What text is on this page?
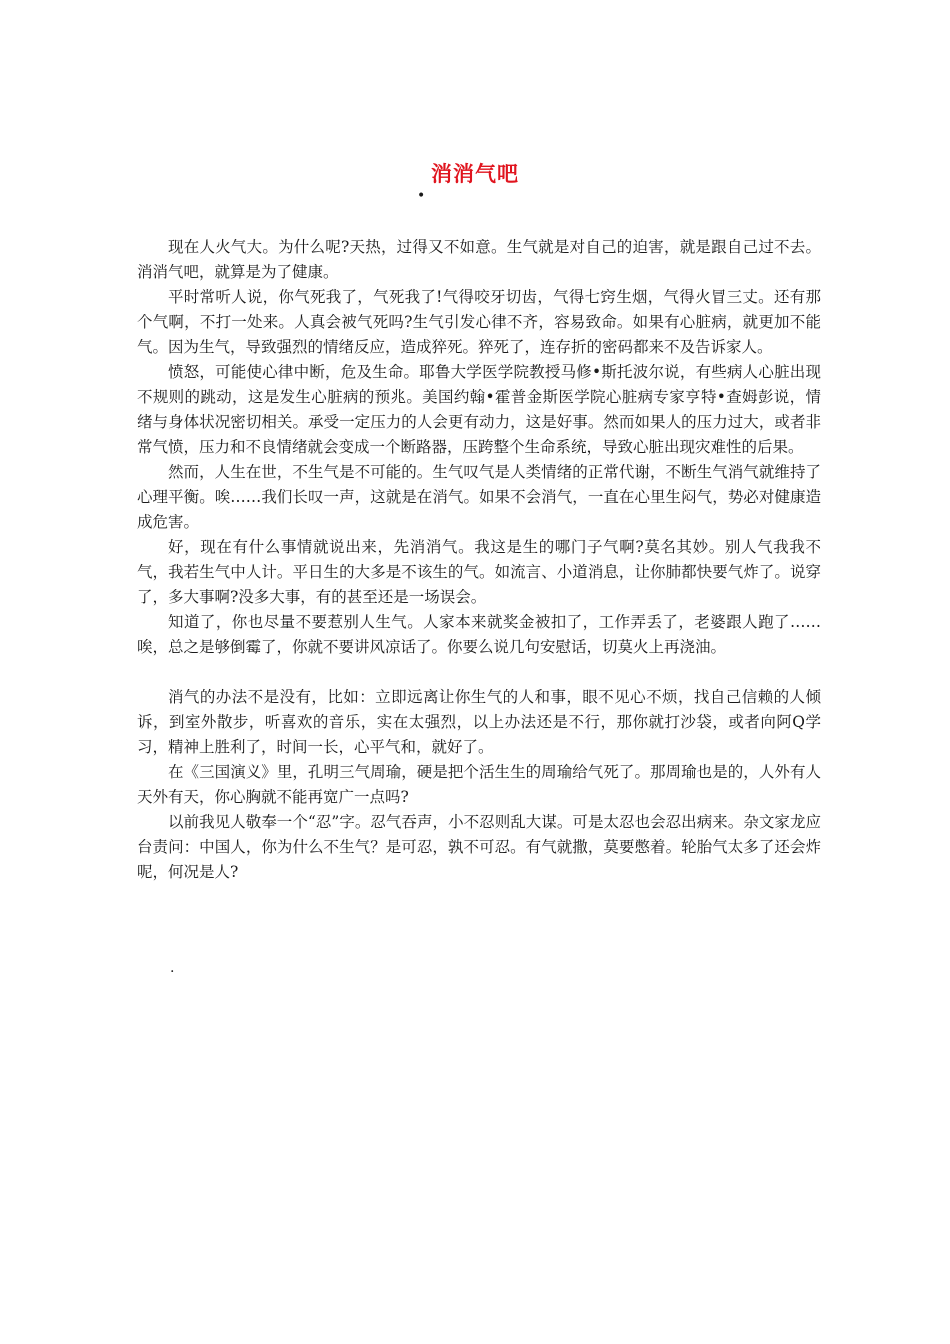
消消气吧
•

现在人火气大。为什么呢?天热，过得又不如意。生气就是对自己的迫害，就是跟自己过不去。消消气吧，就算是为了健康。

平时常听人说，你气死我了，气死我了!气得咬牙切齿，气得七窍生烟，气得火冒三丈。还有那个气啊，不打一处来。人真会被气死吗?生气引发心律不齐，容易致命。如果有心脏病，就更加不能气。因为生气，导致强烈的情绪反应，造成猝死。猝死了，连存折的密码都来不及告诉家人。

愤怒，可能使心律中断，危及生命。耶鲁大学医学院教授马修•斯托波尔说，有些病人心脏出现不规则的跳动，这是发生心脏病的预兆。美国约翰•霍普金斯医学院心脏病专家亨特•查姆彭说，情绪与身体状况密切相关。承受一定压力的人会更有动力，这是好事。然而如果人的压力过大，或者非常气愤，压力和不良情绪就会变成一个断路器，压跨整个生命系统，导致心脏出现灾难性的后果。

然而，人生在世，不生气是不可能的。生气叹气是人类情绪的正常代谢，不断生气消气就维持了心理平衡。唉……我们长叹一声，这就是在消气。如果不会消气，一直在心里生闷气，势必对健康造成危害。

好，现在有什么事情就说出来，先消消气。我这是生的哪门子气啊?莫名其妙。别人气我我不气，我若生气中人计。平日生的大多是不该生的气。如流言、小道消息，让你肺都快要气炸了。说穿了，多大事啊?没多大事，有的甚至还是一场误会。

知道了，你也尽量不要惹别人生气。人家本来就奖金被扣了，工作弄丢了，老婆跟人跑了……唉，总之是够倒霉了，你就不要讲风凉话了。你要么说几句安慰话，切莫火上再浇油。

消气的办法不是没有，比如：立即远离让你生气的人和事，眼不见心不烦，找自己信赖的人倾诉，到室外散步，听喜欢的音乐，实在太强烈，以上办法还是不行，那你就打沙袋，或者向阿Q学习，精神上胜利了，时间一长，心平气和，就好了。

在《三国演义》里，孔明三气周瑜，硬是把个活生生的周瑜给气死了。那周瑜也是的，人外有人天外有天，你心胸就不能再宽广一点吗?

以前我见人敬奉一个“忍”字。忍气吞声，小不忍则乱大谋。可是太忍也会忍出病来。杂文家龙应台责问：中国人，你为什么不生气？是可忍，孰不可忍。有气就撒，莫要憋着。轮胎气太多了还会炸呢，何况是人?

.
